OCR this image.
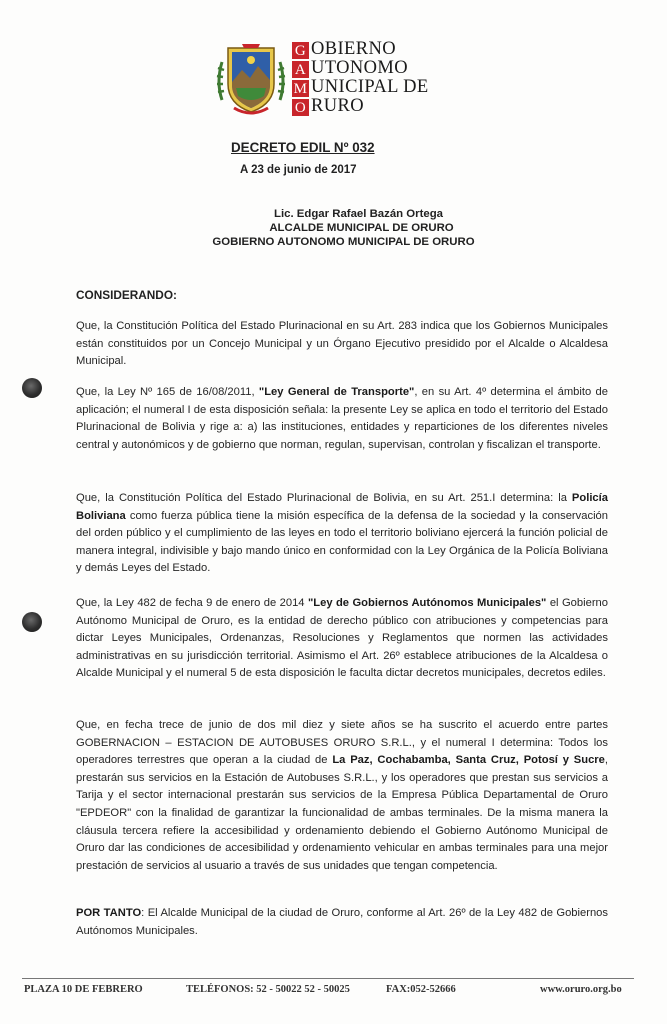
G OBIERNO
A UTONOMO
M UNICIPAL DE
O RURO
DECRETO EDIL Nº 032
A 23 de junio de 2017
Lic. Edgar Rafael Bazán Ortega
ALCALDE MUNICIPAL DE ORURO
GOBIERNO AUTONOMO MUNICIPAL DE ORURO
CONSIDERANDO:
Que, la Constitución Política del Estado Plurinacional en su Art. 283 indica que los Gobiernos Municipales están constituidos por un Concejo Municipal y un Órgano Ejecutivo presidido por el Alcalde o Alcaldesa Municipal.
Que, la Ley Nº 165 de 16/08/2011, "Ley General de Transporte", en su Art. 4º determina el ámbito de aplicación; el numeral I de esta disposición señala: la presente Ley se aplica en todo el territorio del Estado Plurinacional de Bolivia y rige a: a) las instituciones, entidades y reparticiones de los diferentes niveles central y autonómicos y de gobierno que norman, regulan, supervisan, controlan y fiscalizan el transporte.
Que, la Constitución Política del Estado Plurinacional de Bolivia, en su Art. 251.I determina: la Policía Boliviana como fuerza pública tiene la misión específica de la defensa de la sociedad y la conservación del orden público y el cumplimiento de las leyes en todo el territorio boliviano ejercerá la función policial de manera integral, indivisible y bajo mando único en conformidad con la Ley Orgánica de la Policía Boliviana y demás Leyes del Estado.
Que, la Ley 482 de fecha 9 de enero de 2014 "Ley de Gobiernos Autónomos Municipales" el Gobierno Autónomo Municipal de Oruro, es la entidad de derecho público con atribuciones y competencias para dictar Leyes Municipales, Ordenanzas, Resoluciones y Reglamentos que normen las actividades administrativas en su jurisdicción territorial. Asimismo el Art. 26º establece atribuciones de la Alcaldesa o Alcalde Municipal y el numeral 5 de esta disposición le faculta dictar decretos municipales, decretos ediles.
Que, en fecha trece de junio de dos mil diez y siete años se ha suscrito el acuerdo entre partes GOBERNACION – ESTACION DE AUTOBUSES ORURO S.R.L., y el numeral I determina: Todos los operadores terrestres que operan a la ciudad de La Paz, Cochabamba, Santa Cruz, Potosí y Sucre, prestarán sus servicios en la Estación de Autobuses S.R.L., y los operadores que prestan sus servicios a Tarija y el sector internacional prestarán sus servicios de la Empresa Pública Departamental de Oruro "EPDEOR" con la finalidad de garantizar la funcionalidad de ambas terminales. De la misma manera la cláusula tercera refiere la accesibilidad y ordenamiento debiendo el Gobierno Autónomo Municipal de Oruro dar las condiciones de accesibilidad y ordenamiento vehicular en ambas terminales para una mejor prestación de servicios al usuario a través de sus unidades que tengan competencia.
POR TANTO: El Alcalde Municipal de la ciudad de Oruro, conforme al Art. 26º de la Ley 482 de Gobiernos Autónomos Municipales.
PLAZA 10 DE FEBRERO	TELÉFONOS: 52 - 50022 52 - 50025	FAX:052-52666	www.oruro.org.bo
